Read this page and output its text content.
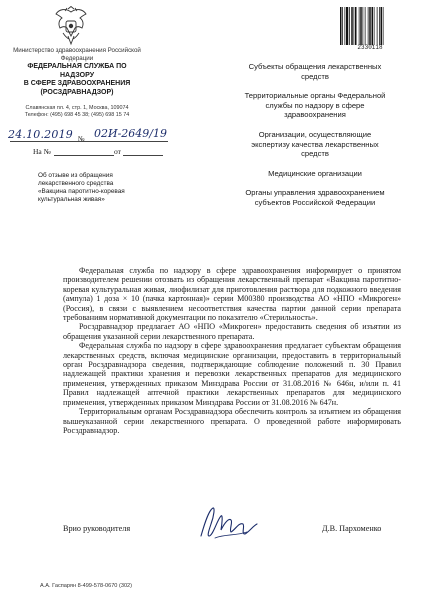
Министерство здравоохранения Российской Федерации
ФЕДЕРАЛЬНАЯ СЛУЖБА ПО НАДЗОРУ
В СФЕРЕ ЗДРАВООХРАНЕНИЯ
(РОСЗДРАВНАДЗОР)
Славянская пл. 4, стр. 1, Москва, 109074
Телефон: (495) 698 45 38; (495) 698 15 74
2330118
24.10.2019 № 02И-2649/19
На №	от
Об отзыве из обращения
лекарственного средства
«Вакцина паротитно-коревая
культуральная живая»
Субъекты обращения лекарственных средств
Территориальные органы Федеральной службы по надзору в сфере здравоохранения
Организации, осуществляющие экспертизу качества лекарственных средств
Медицинские организации
Органы управления здравоохранением субъектов Российской Федерации

Федеральная служба по надзору в сфере здравоохранения информирует о принятом производителем решении отозвать из обращения лекарственный препарат «Вакцина паротитно-коревая культуральная живая, лиофилизат для приготовления раствора для подкожного введения (ампула) 1 доза × 10 (пачка картонная)» серии М00380 производства АО «НПО «Микроген» (Россия), в связи с выявлением несоответствия качества партии данной серии препарата требованиям нормативной документации по показателю «Стерильность».

Росздравнадзор предлагает АО «НПО «Микроген» предоставить сведения об изъятии из обращения указанной серии лекарственного препарата.

Федеральная служба по надзору в сфере здравоохранения предлагает субъектам обращения лекарственных средств, включая медицинские организации, предоставить в территориальный орган Росздравнадзора сведения, подтверждающие соблюдение положений п. 30 Правил надлежащей практики хранения и перевозки лекарственных препаратов для медицинского применения, утвержденных приказом Минздрава России от 31.08.2016 № 646н, и/или п. 41 Правил надлежащей аптечной практики лекарственных препаратов для медицинского применения, утвержденных приказом Минздрава России от 31.08.2016 № 647н.

Территориальным органам Росздравнадзора обеспечить контроль за изъятием из обращения вышеуказанной серии лекарственного препарата. О проведенной работе информировать Росздравнадзор.

Врио руководителя	Д.В. Пархоменко
А.А. Гаспарян 8-499-578-0670 (302)
